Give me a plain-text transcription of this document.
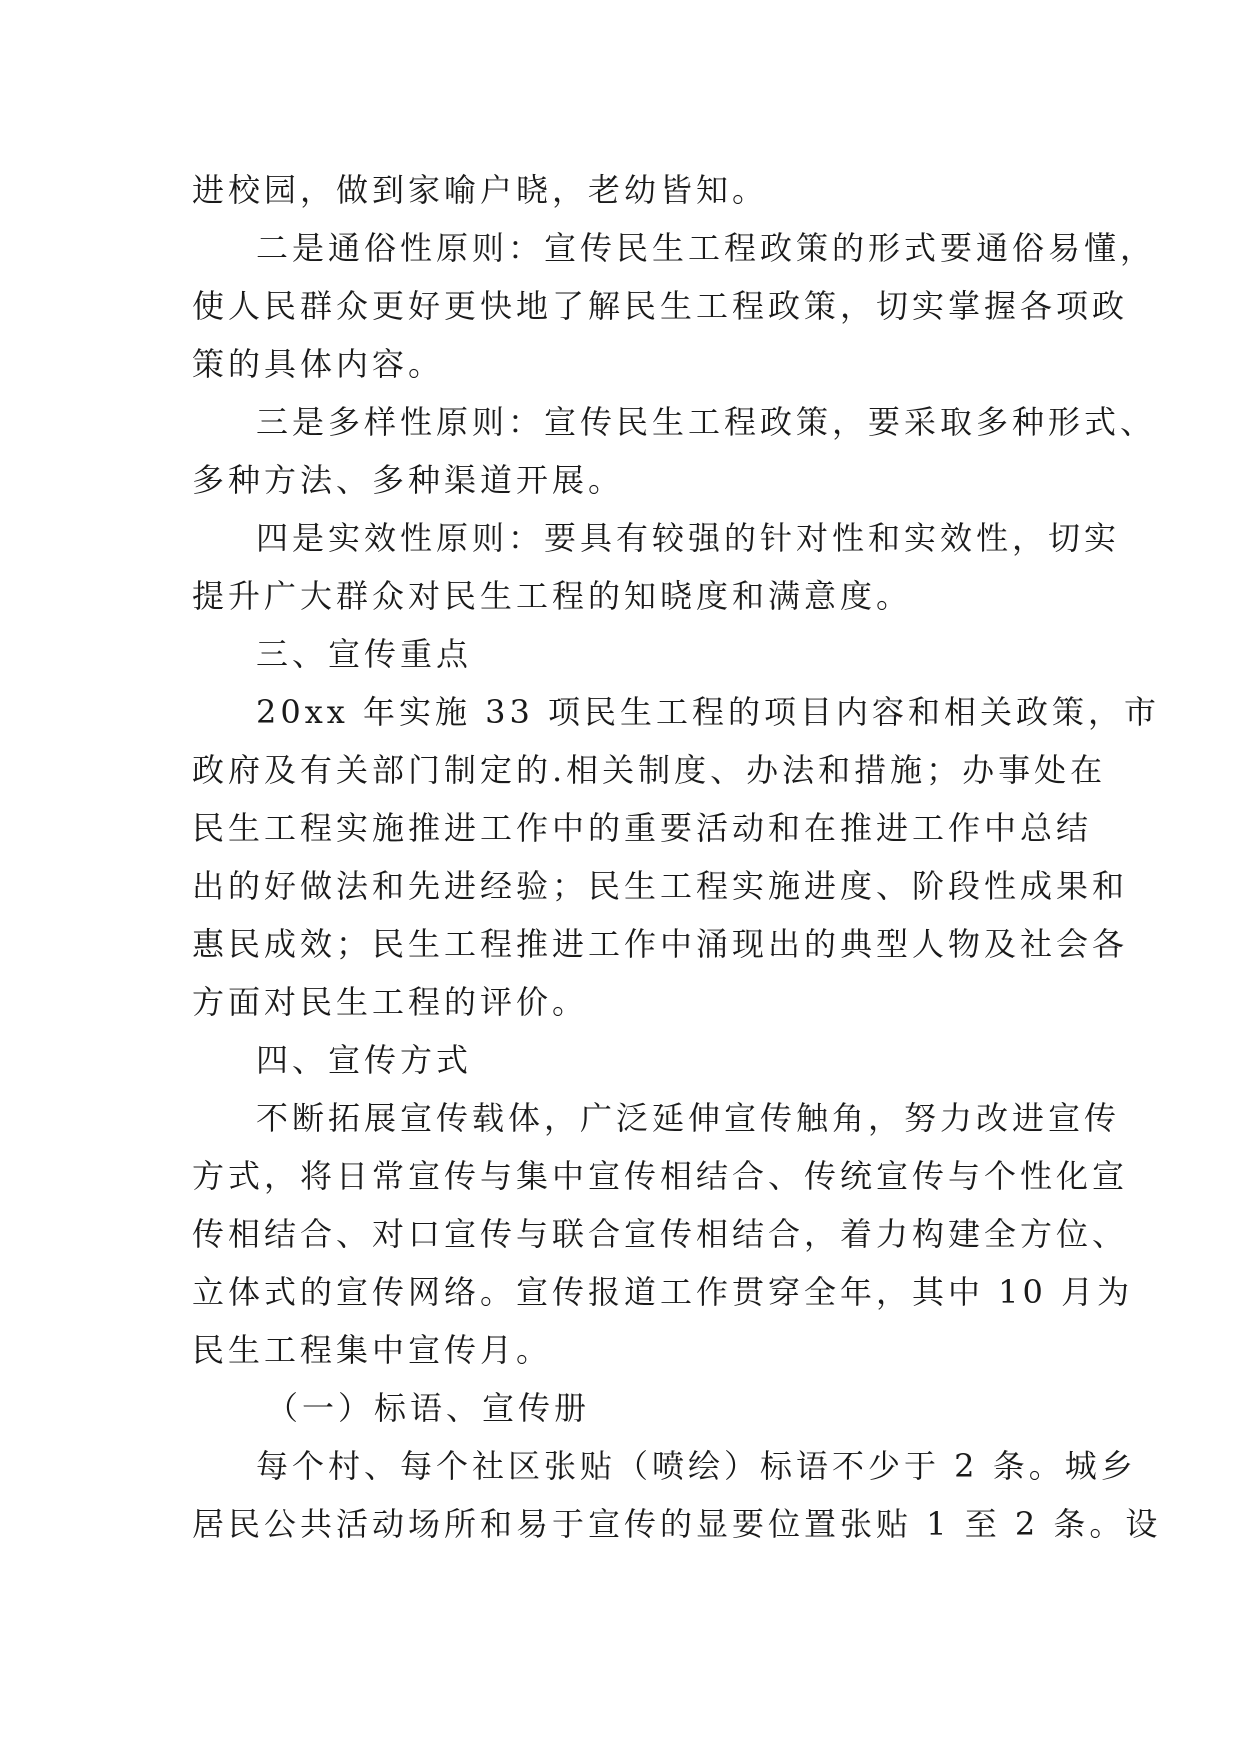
进校园，做到家喻户晓，老幼皆知。
二是通俗性原则：宣传民生工程政策的形式要通俗易懂，
使人民群众更好更快地了解民生工程政策，切实掌握各项政
策的具体内容。
三是多样性原则：宣传民生工程政策，要采取多种形式、
多种方法、多种渠道开展。
四是实效性原则：要具有较强的针对性和实效性，切实
提升广大群众对民生工程的知晓度和满意度。
三、宣传重点
20xx 年实施 33 项民生工程的项目内容和相关政策，市
政府及有关部门制定的.相关制度、办法和措施；办事处在
民生工程实施推进工作中的重要活动和在推进工作中总结
出的好做法和先进经验；民生工程实施进度、阶段性成果和
惠民成效；民生工程推进工作中涌现出的典型人物及社会各
方面对民生工程的评价。
四、宣传方式
不断拓展宣传载体，广泛延伸宣传触角，努力改进宣传
方式，将日常宣传与集中宣传相结合、传统宣传与个性化宣
传相结合、对口宣传与联合宣传相结合，着力构建全方位、
立体式的宣传网络。宣传报道工作贯穿全年，其中 10 月为
民生工程集中宣传月。
（一）标语、宣传册
每个村、每个社区张贴（喷绘）标语不少于 2 条。城乡
居民公共活动场所和易于宣传的显要位置张贴 1 至 2 条。设
